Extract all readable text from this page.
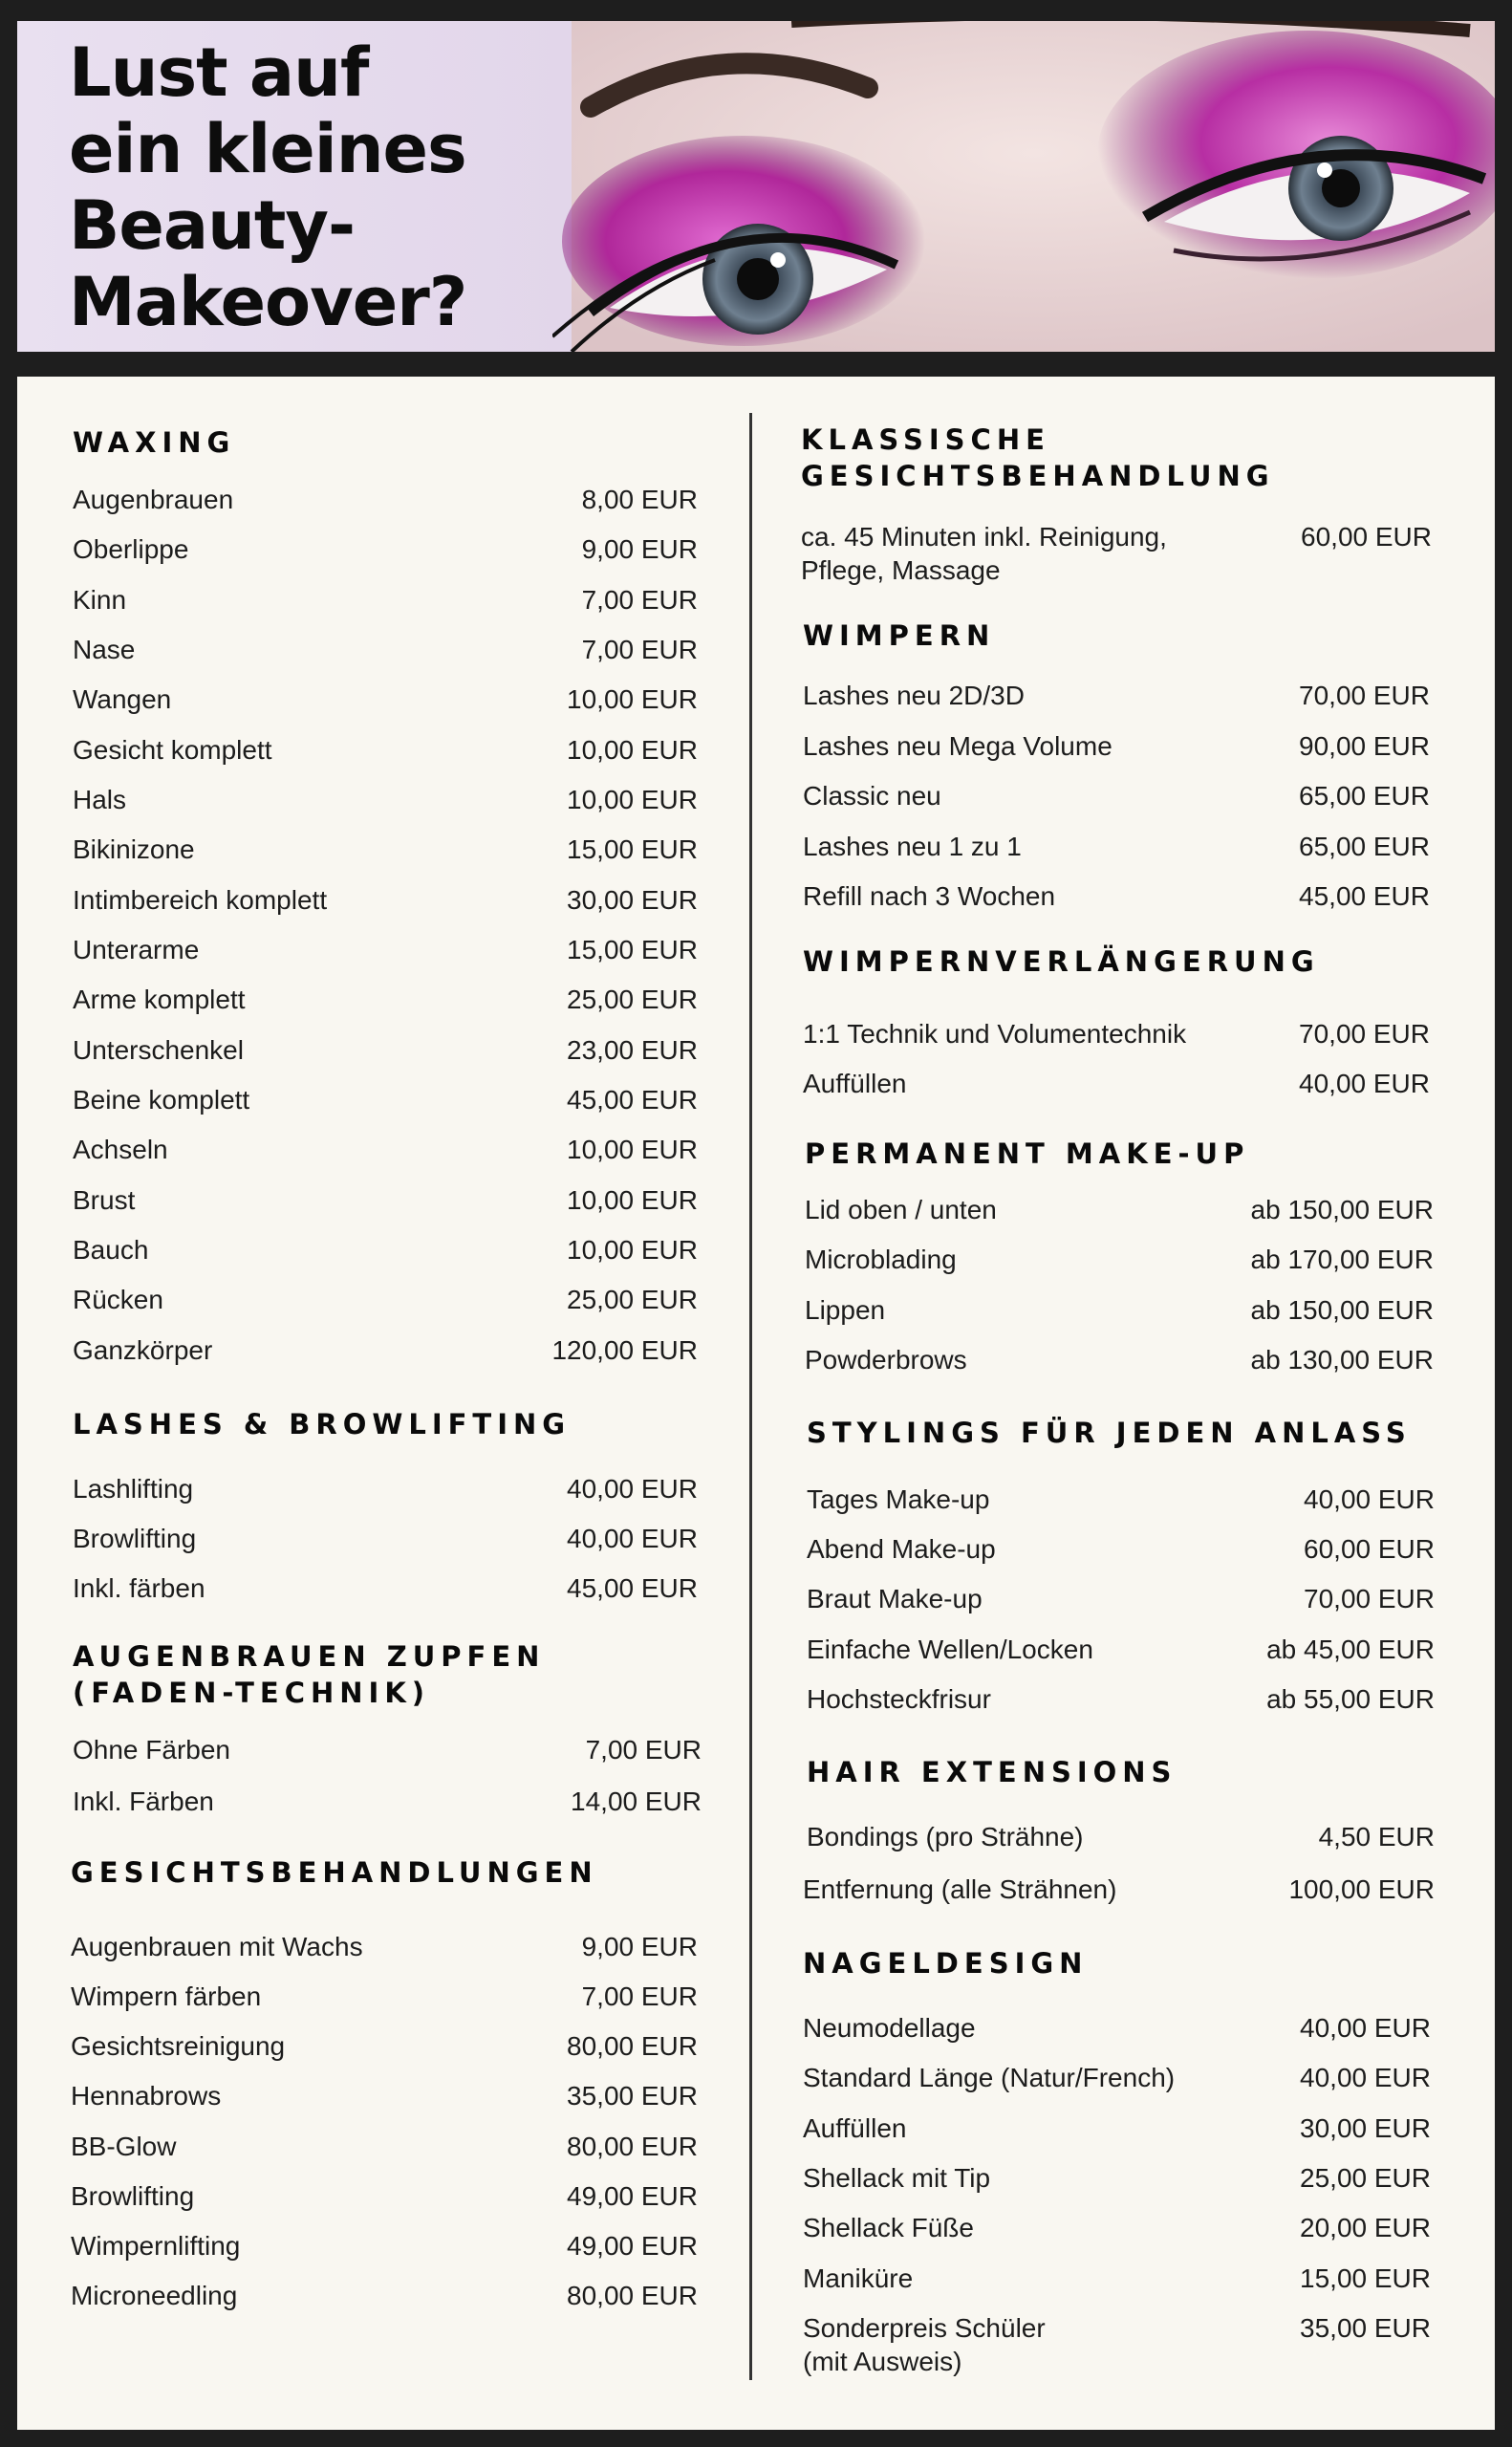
Lust auf
ein kleines
Beauty-
Makeover?
WAXING
Augenbrauen	8,00 EUR
Oberlippe	9,00 EUR
Kinn	7,00 EUR
Nase	7,00 EUR
Wangen	10,00 EUR
Gesicht komplett	10,00 EUR
Hals	10,00 EUR
Bikinizone	15,00 EUR
Intimbereich komplett	30,00 EUR
Unterarme	15,00 EUR
Arme komplett	25,00 EUR
Unterschenkel	23,00 EUR
Beine komplett	45,00 EUR
Achseln	10,00 EUR
Brust	10,00 EUR
Bauch	10,00 EUR
Rücken	25,00 EUR
Ganzkörper	120,00 EUR
LASHES & BROWLIFTING
Lashlifting	40,00 EUR
Browlifting	40,00 EUR
Inkl. färben	45,00 EUR
AUGENBRAUEN ZUPFEN
(FADEN-TECHNIK)
Ohne Färben	7,00 EUR
Inkl. Färben	14,00 EUR
GESICHTSBEHANDLUNGEN
Augenbrauen mit Wachs	9,00 EUR
Wimpern färben	7,00 EUR
Gesichtsreinigung	80,00 EUR
Hennabrows	35,00 EUR
BB-Glow	80,00 EUR
Browlifting	49,00 EUR
Wimpernlifting	49,00 EUR
Microneedling	80,00 EUR
KLASSISCHE
GESICHTSBEHANDLUNG
ca. 45 Minuten inkl. Reinigung,
Pflege, Massage
60,00 EUR
WIMPERN
Lashes neu 2D/3D	70,00 EUR
Lashes neu Mega Volume	90,00 EUR
Classic neu	65,00 EUR
Lashes neu 1 zu 1	65,00 EUR
Refill nach 3 Wochen	45,00 EUR
WIMPERNVERLÄNGERUNG
1:1 Technik und Volumentechnik	70,00 EUR
Auffüllen	40,00 EUR
PERMANENT MAKE-UP
Lid oben / unten	ab 150,00 EUR
Microblading	ab 170,00 EUR
Lippen	ab 150,00 EUR
Powderbrows	ab 130,00 EUR
STYLINGS FÜR JEDEN ANLASS
Tages Make-up	40,00 EUR
Abend Make-up	60,00 EUR
Braut Make-up	70,00 EUR
Einfache Wellen/Locken	ab 45,00 EUR
Hochsteckfrisur	ab 55,00 EUR
HAIR EXTENSIONS
Bondings (pro Strähne)	4,50 EUR
Entfernung (alle Strähnen)	100,00 EUR
NAGELDESIGN
Neumodellage	40,00 EUR
Standard Länge (Natur/French)	40,00 EUR
Auffüllen	30,00 EUR
Shellack mit Tip	25,00 EUR
Shellack Füße	20,00 EUR
Maniküre	15,00 EUR
Sonderpreis Schüler
(mit Ausweis)
35,00 EUR
